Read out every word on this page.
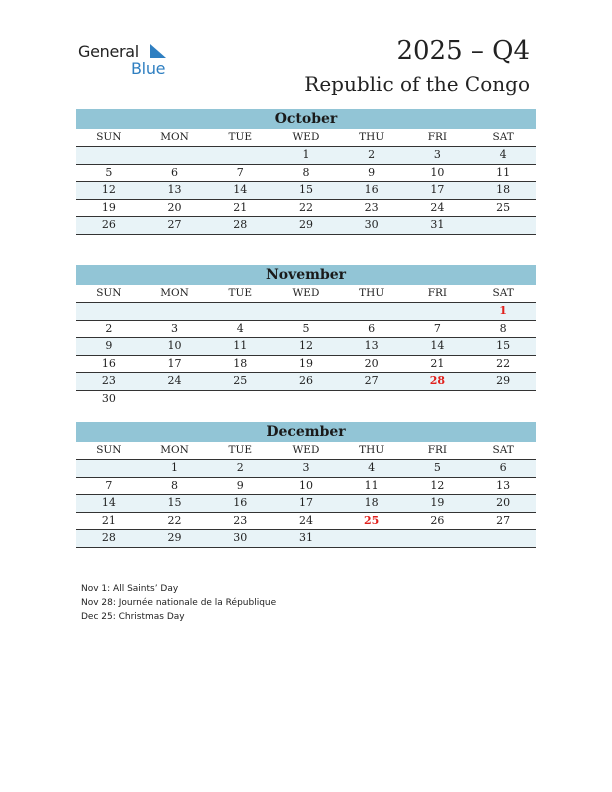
General
Blue
2025 – Q4
Republic of the Congo
October
SUN	MON	TUE	WED	THU	FRI	SAT
			1	2	3	4
5	6	7	8	9	10	11
12	13	14	15	16	17	18
19	20	21	22	23	24	25
26	27	28	29	30	31	
November
SUN	MON	TUE	WED	THU	FRI	SAT
						1
2	3	4	5	6	7	8
9	10	11	12	13	14	15
16	17	18	19	20	21	22
23	24	25	26	27	28	29
30						
December
SUN	MON	TUE	WED	THU	FRI	SAT
	1	2	3	4	5	6
7	8	9	10	11	12	13
14	15	16	17	18	19	20
21	22	23	24	25	26	27
28	29	30	31			
Nov 1: All Saints’ Day
Nov 28: Journée nationale de la République
Dec 25: Christmas Day
